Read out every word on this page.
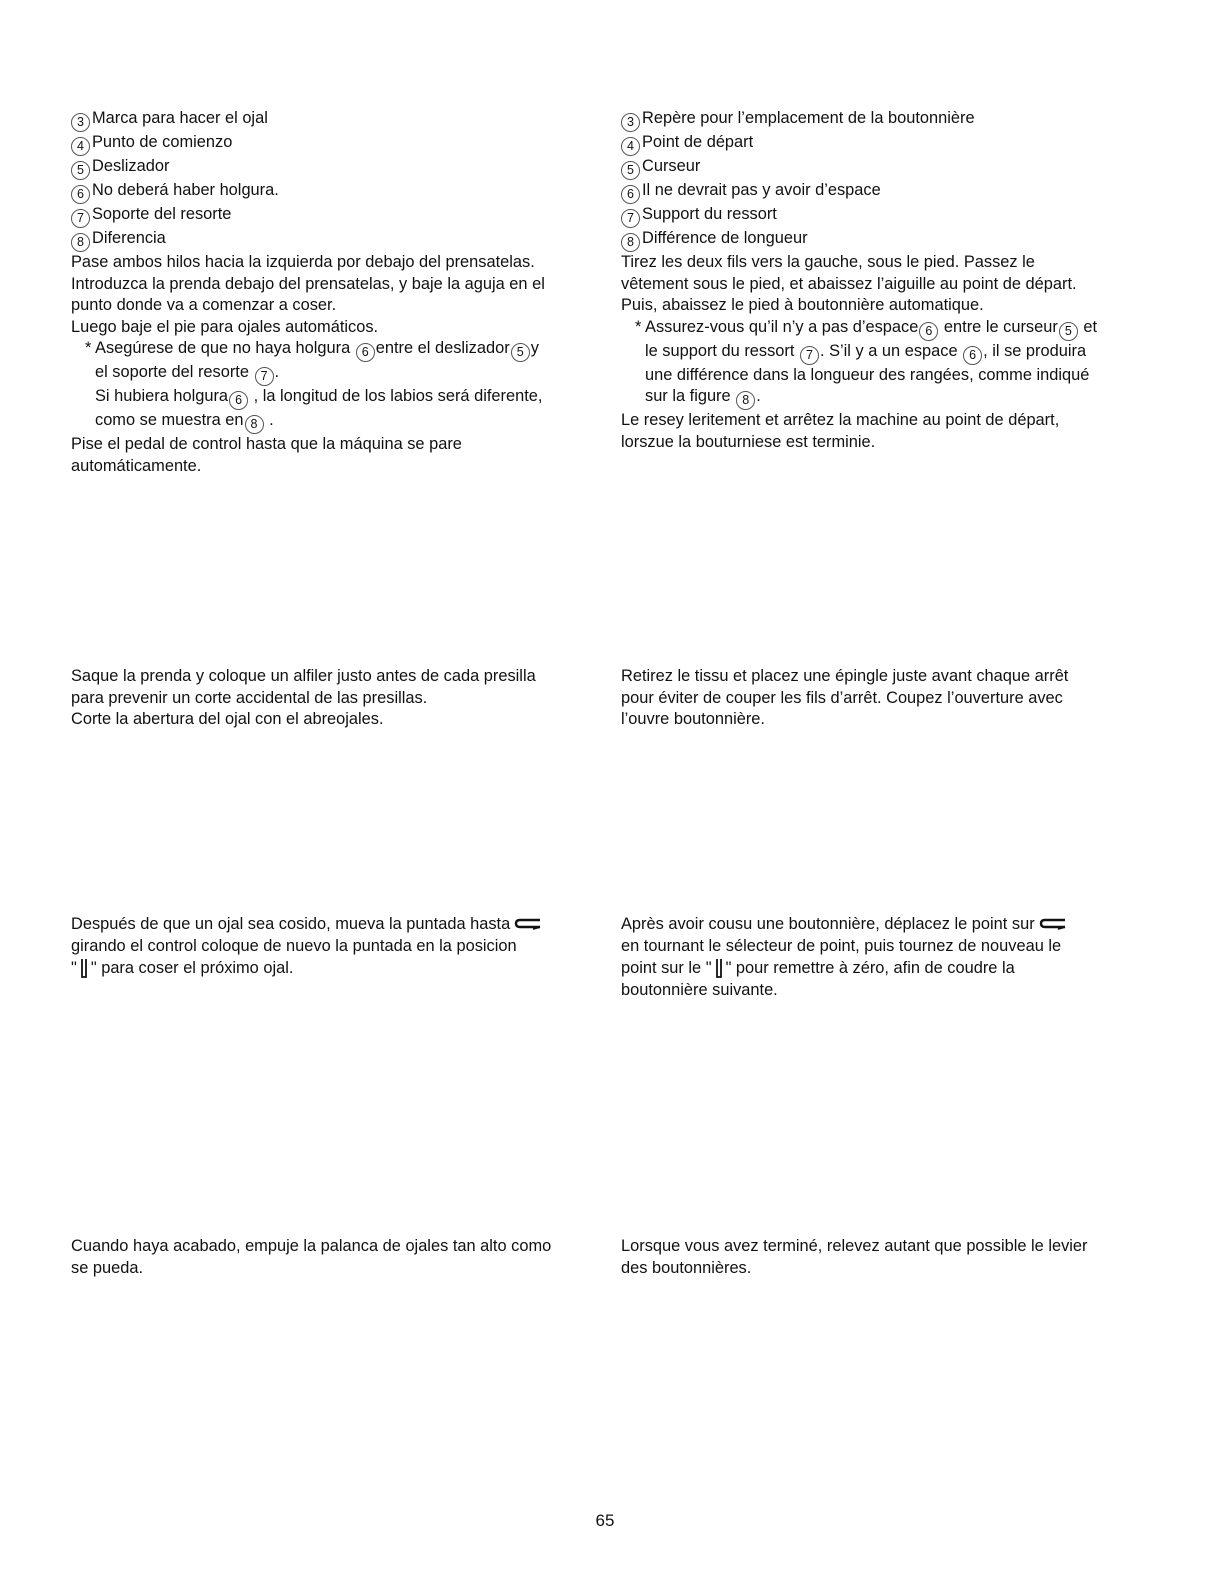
3 Marca para hacer el ojal
4 Punto de comienzo
5 Deslizador
6 No deberá haber holgura.
7 Soporte del resorte
8 Diferencia
Pase ambos hilos hacia la izquierda por debajo del prensatelas.
Introduzca la prenda debajo del prensatelas, y baje la aguja en el
punto donde va a comenzar a coser.
Luego baje el pie para ojales automáticos.
* Asegúrese de que no haya holgura 6 entre el deslizador 5 y
el soporte del resorte 7 .
Si hubiera holgura 6 , la longitud de los labios será diferente,
como se muestra en 8 .
Pise el pedal de control hasta que la máquina se pare
automáticamente.
Saque la prenda y coloque un alfiler justo antes de cada presilla
para prevenir un corte accidental de las presillas.
Corte la abertura del ojal con el abreojales.
Después de que un ojal sea cosido, mueva la puntada hasta
girando el control coloque de nuevo la puntada en la posicion
" " para coser el próximo ojal.
Cuando haya acabado, empuje la palanca de ojales tan alto como
se pueda.
3 Repère pour l’emplacement de la boutonnière
4 Point de départ
5 Curseur
6 Il ne devrait pas y avoir d’espace
7 Support du ressort
8 Différence de longueur
Tirez les deux fils vers la gauche, sous le pied. Passez le
vêtement sous le pied, et abaissez l’aiguille au point de départ.
Puis, abaissez le pied à boutonnière automatique.
* Assurez-vous qu’il n’y a pas d’espace 6 entre le curseur 5 et
le support du ressort 7 . S’il y a un espace 6 , il se produira
une différence dans la longueur des rangées, comme indiqué
sur la figure 8 .
Le resey leritement et arrêtez la machine au point de départ,
lorszue la bouturniese est terminie.
Retirez le tissu et placez une épingle juste avant chaque arrêt
pour éviter de couper les fils d’arrêt. Coupez l’ouverture avec
l’ouvre boutonnière.
Après avoir cousu une boutonnière, déplacez le point sur
en tournant le sélecteur de point, puis tournez de nouveau le
point sur le " " pour remettre à zéro, afin de coudre la
boutonnière suivante.
Lorsque vous avez terminé, relevez autant que possible le levier
des boutonnières.
65
